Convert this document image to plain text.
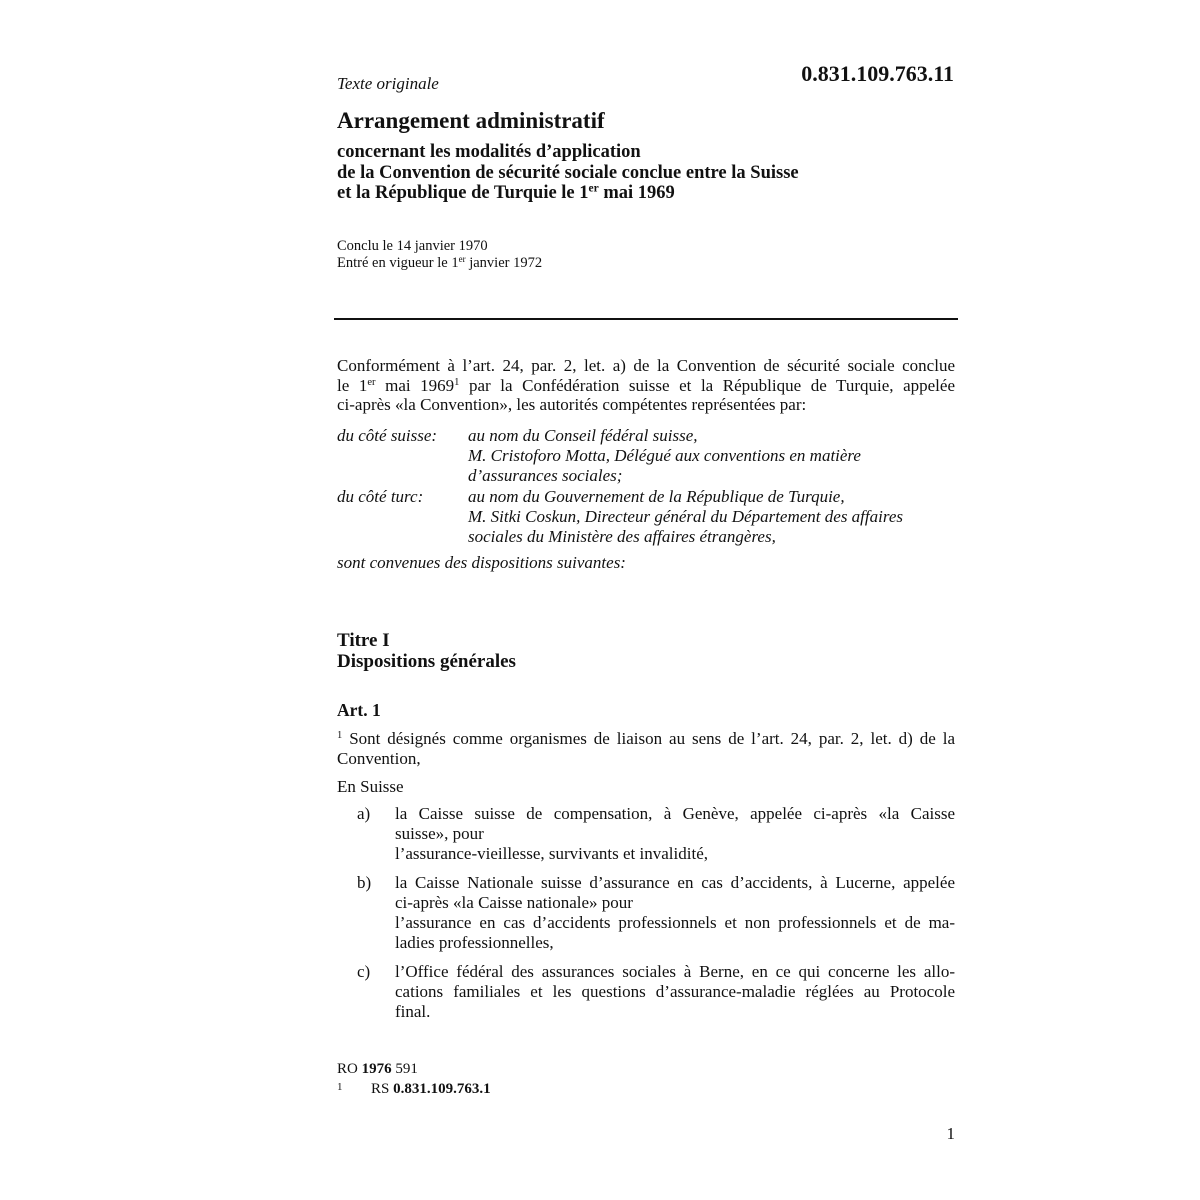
Texte originale	0.831.109.763.11
Arrangement administratif
concernant les modalités d’application
de la Convention de sécurité sociale conclue entre la Suisse
et la République de Turquie le 1er mai 1969
Conclu le 14 janvier 1970
Entré en vigueur le 1er janvier 1972
Conformément à l’art. 24, par. 2, let. a) de la Convention de sécurité sociale conclue
le 1er mai 1969$^1$ par la Confédération suisse et la République de Turquie, appelée
ci-après «la Convention», les autorités compétentes représentées par:
du côté suisse:	au nom du Conseil fédéral suisse,
M. Cristoforo Motta, Délégué aux conventions en matière
d’assurances sociales;
du côté turc:	au nom du Gouvernement de la République de Turquie,
M. Sitki Coskun, Directeur général du Département des affaires
sociales du Ministère des affaires étrangères,
sont convenues des dispositions suivantes:
Titre I
Dispositions générales
Art. 1
$^1$ Sont désignés comme organismes de liaison au sens de l’art. 24, par. 2, let. d) de la
Convention,
En Suisse
a) la Caisse suisse de compensation, à Genève, appelée ci-après «la Caisse
suisse», pour
l’assurance-vieillesse, survivants et invalidité,
b) la Caisse Nationale suisse d’assurance en cas d’accidents, à Lucerne, appelée
ci-après «la Caisse nationale» pour
l’assurance en cas d’accidents professionnels et non professionnels et de ma-
ladies professionnelles,
c) l’Office fédéral des assurances sociales à Berne, en ce qui concerne les allo-
cations familiales et les questions d’assurance-maladie réglées au Protocole
final.
RO 1976 591
1 RS 0.831.109.763.1
1
